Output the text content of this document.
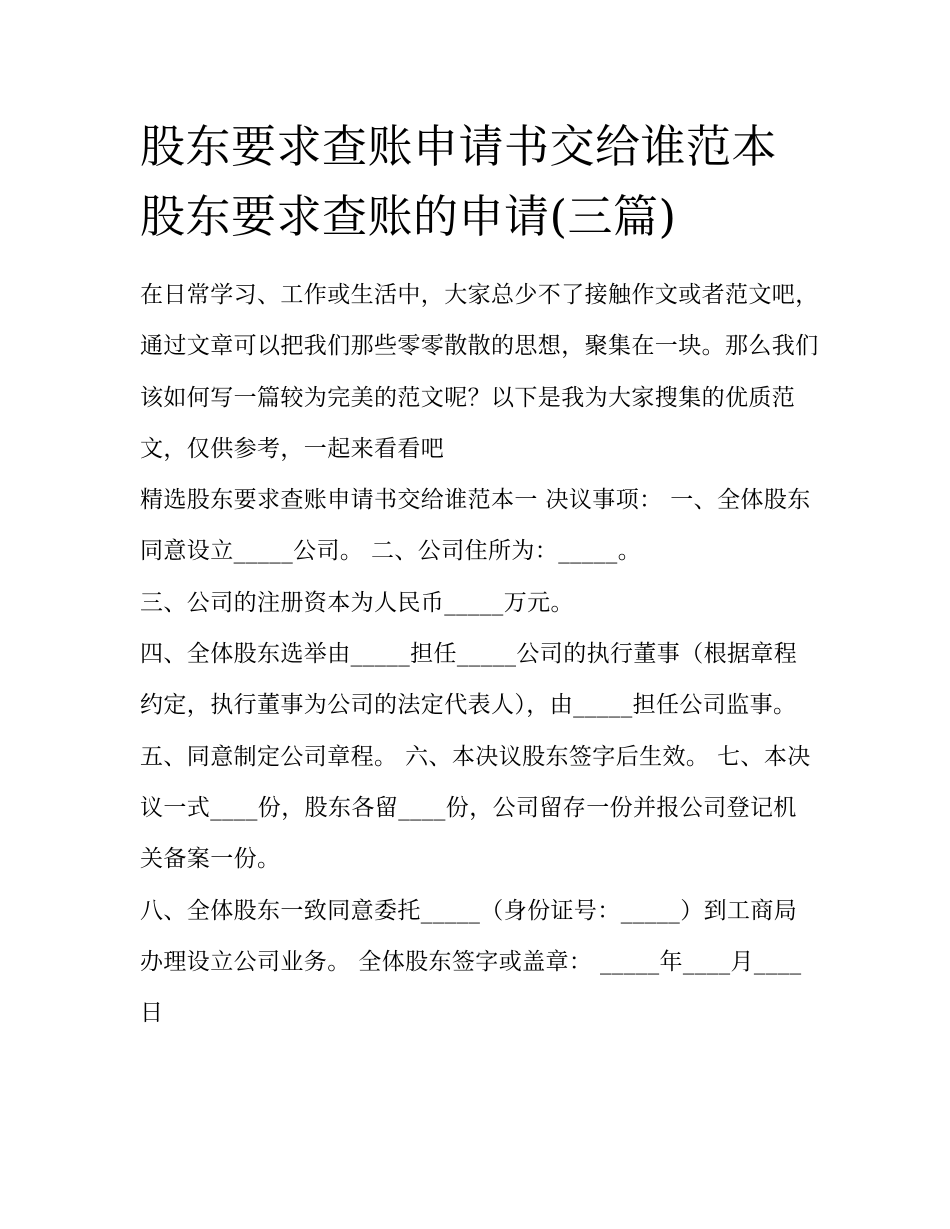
股东要求查账申请书交给谁范本 股东要求查账的申请(三篇)

在日常学习、工作或生活中，大家总少不了接触作文或者范文吧，通过文章可以把我们那些零零散散的思想，聚集在一块。那么我们该如何写一篇较为完美的范文呢？以下是我为大家搜集的优质范文，仅供参考，一起来看看吧

精选股东要求查账申请书交给谁范本一 决议事项： 一、全体股东同意设立_____公司。 二、公司住所为：_____。

三、公司的注册资本为人民币_____万元。

四、全体股东选举由_____担任_____公司的执行董事（根据章程约定，执行董事为公司的法定代表人），由_____担任公司监事。

五、同意制定公司章程。 六、本决议股东签字后生效。 七、本决议一式____份，股东各留____份，公司留存一份并报公司登记机关备案一份。

八、全体股东一致同意委托_____（身份证号：_____）到工商局办理设立公司业务。 全体股东签字或盖章： _____年____月____日
